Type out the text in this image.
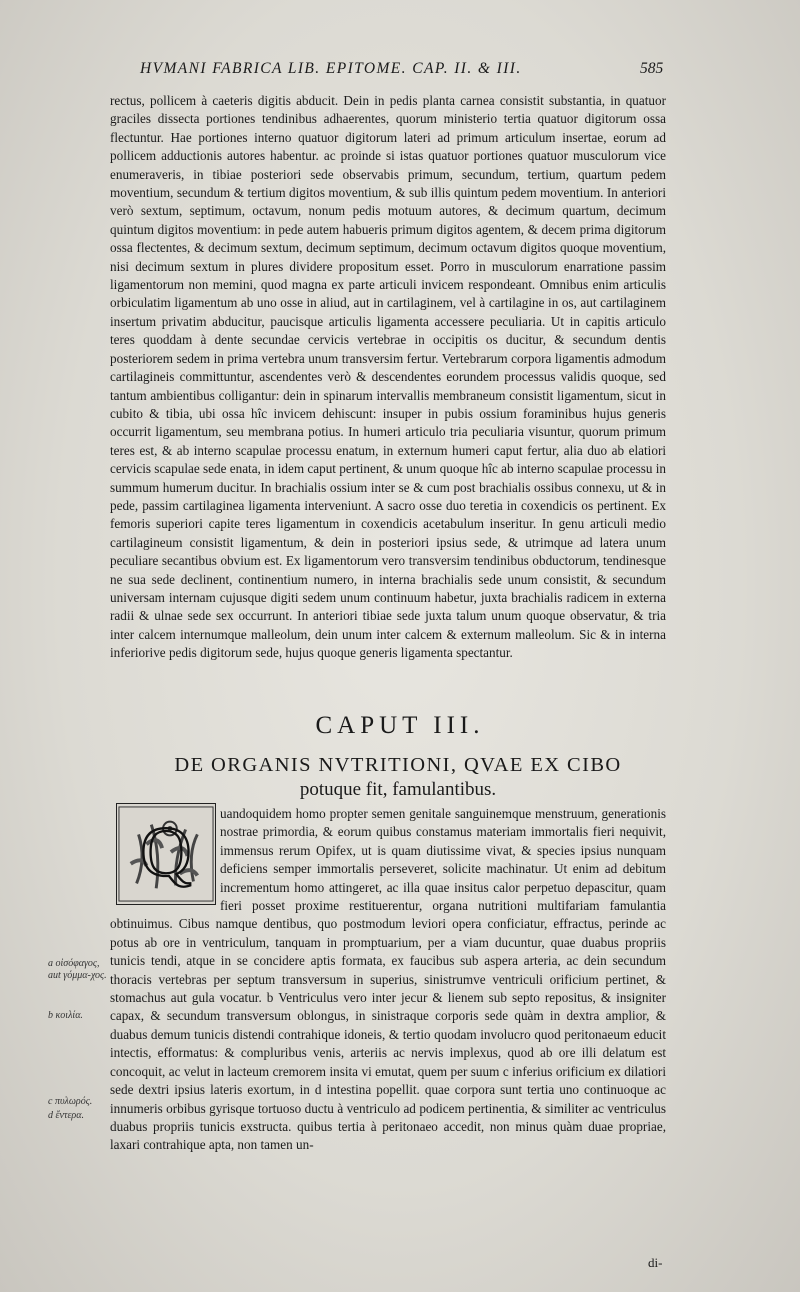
HVMANI FABRICA LIB. EPITOME. CAP. II. & III.	585

rectus, pollicem à caeteris digitis abducit. Dein in pedis planta carnea consistit substantia, in quatuor graciles dissecta portiones tendinibus adhaerentes, quorum ministerio tertia quatuor digitorum ossa flectuntur. Hae portiones interno quatuor digitorum lateri ad primum articulum insertae, eorum ad pollicem adductionis autores habentur. ac proinde si istas quatuor portiones quatuor musculorum vice enumeraveris, in tibiae posteriori sede observabis primum, secundum, tertium, quartum pedem moventium, secundum & tertium digitos moventium, & sub illis quintum pedem moventium. In anteriori verò sextum, septimum, octavum, nonum pedis motuum autores, & decimum quartum, decimum quintum digitos moventium: in pede autem habueris primum digitos agentem, & decem prima digitorum ossa flectentes, & decimum sextum, decimum septimum, decimum octavum digitos quoque moventium, nisi decimum sextum in plures dividere propositum esset. Porro in musculorum enarratione passim ligamentorum non memini, quod magna ex parte articuli invicem respondeant. Omnibus enim articulis orbiculatim ligamentum ab uno osse in aliud, aut in cartilaginem, vel à cartilagine in os, aut cartilaginem insertum privatim abducitur, paucisque articulis ligamenta accessere peculiaria. Ut in capitis articulo teres quoddam à dente secundae cervicis vertebrae in occipitis os ducitur, & secundum dentis posteriorem sedem in prima vertebra unum transversim fertur. Vertebrarum corpora ligamentis admodum cartilagineis committuntur, ascendentes verò & descendentes eorundem processus validis quoque, sed tantum ambientibus colligantur: dein in spinarum intervallis membraneum consistit ligamentum, sicut in cubito & tibia, ubi ossa hîc invicem dehiscunt: insuper in pubis ossium foraminibus hujus generis occurrit ligamentum, seu membrana potius. In humeri articulo tria peculiaria visuntur, quorum primum teres est, & ab interno scapulae processu enatum, in externum humeri caput fertur, alia duo ab elatiori cervicis scapulae sede enata, in idem caput pertinent, & unum quoque hîc ab interno scapulae processu in summum humerum ducitur. In brachialis ossium inter se & cum post brachialis ossibus connexu, ut & in pede, passim cartilaginea ligamenta interveniunt. A sacro osse duo teretia in coxendicis os pertinent. Ex femoris superiori capite teres ligamentum in coxendicis acetabulum inseritur. In genu articuli medio cartilagineum consistit ligamentum, & dein in posteriori ipsius sede, & utrimque ad latera unum peculiare secantibus obvium est. Ex ligamentorum vero transversim tendinibus obductorum, tendinesque ne sua sede declinent, continentium numero, in interna brachialis sede unum consistit, & secundum universam internam cujusque digiti sedem unum continuum habetur, juxta brachialis radicem in externa radii & ulnae sede sex occurrunt. In anteriori tibiae sede juxta talum unum quoque observatur, & tria inter calcem internumque malleolum, dein unum inter calcem & externum malleolum. Sic & in interna inferiorive pedis digitorum sede, hujus quoque generis ligamenta spectantur.

CAPUT III.
DE ORGANIS NVTRITIONI, QVAE EX CIBO
potuque fit, famulantibus.
Q

uandoquidem homo propter semen genitale sanguinemque menstruum, generationis nostrae primordia, & eorum quibus constamus materiam immortalis fieri nequivit, immensus rerum Opifex, ut is quam diutissime vivat, & species ipsius nunquam deficiens semper immortalis perseveret, solicite machinatur. Ut enim ad debitum incrementum homo attingeret, ac illa quae insitus calor perpetuo depascitur, quam fieri posset proxime restituerentur, organa nutritioni multifariam famulantia obtinuimus. Cibus namque dentibus, quo postmodum leviori opera conficiatur, effractus, perinde ac potus ab ore in ventriculum, tanquam in promptuarium, per a viam ducuntur, quae duabus propriis tunicis tendi, atque in se concidere aptis formata, ex faucibus sub aspera arteria, ac dein secundum thoracis vertebras per septum transversum in superius, sinistrumve ventriculi orificium pertinet, & stomachus aut gula vocatur. b Ventriculus vero inter jecur & lienem sub septo repositus, & insigniter capax, & secundum transversum oblongus, in sinistraque corporis sede quàm in dextra amplior, & duabus demum tunicis distendi contrahique idoneis, & tertio quodam involucro quod peritonaeum educit intectis, efformatus: & compluribus venis, arteriis ac nervis implexus, quod ab ore illi delatum est concoquit, ac velut in lacteum cremorem insita vi emutat, quem per suum c inferius orificium ex dilatiori sede dextri ipsius lateris exortum, in d intestina popellit. quae corpora sunt tertia uno continuoque ac innumeris orbibus gyrisque tortuoso ductu à ventriculo ad podicem pertinentia, & similiter ac ventriculus duabus propriis tunicis exstructa. quibus tertia à peritonaeo accedit, non minus quàm duae propriae, laxari contrahique apta, non tamen un-

a οἰσόφαγος, aut γόμμα-χος.
b κοιλία.
c πυλωρός.
d ἔντερα.
di-
